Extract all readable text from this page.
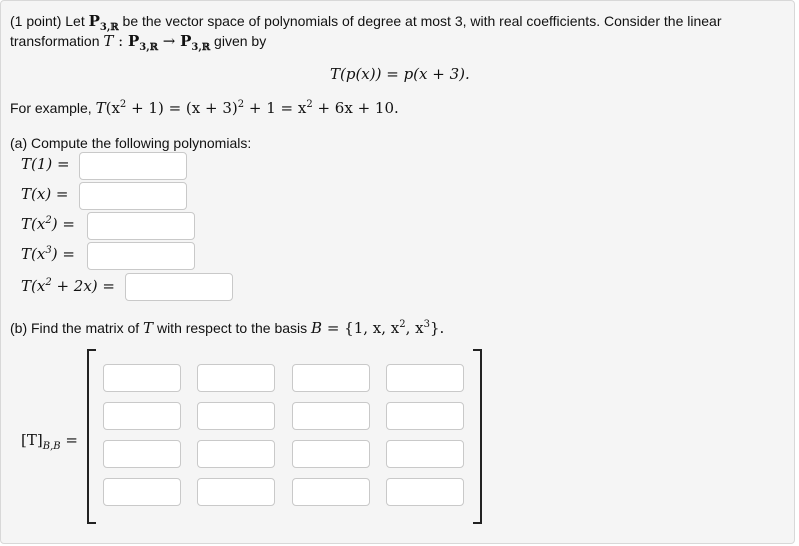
(1 point) Let $P_{3,ℝ}$ be the vector space of polynomials of degree at most 3, with real coefficients. Consider the linear
transformation T : $P_{3,ℝ} \to P_{3,ℝ}$ given by
T(p(x)) = p(x + 3).
For example, $T(x^2 + 1) = (x + 3)^2 + 1 = x^2 + 6x + 10$.
(a) Compute the following polynomials:
T(1) =
T(x) =
$T(x^2)$ =
$T(x^3)$ =
$T(x^2 + 2x)$ =
(b) Find the matrix of T with respect to the basis B = {1, x, $x^2$, $x^3$}.
$[T]_{B,B}$ =
